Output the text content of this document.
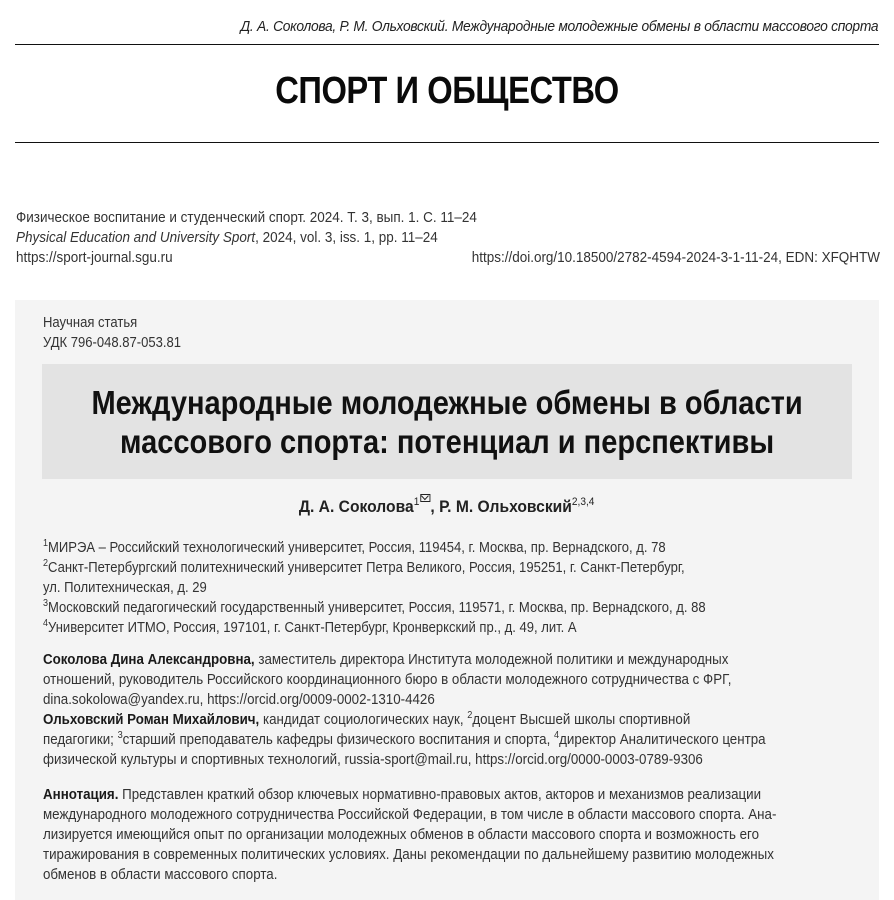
Д. А. Соколова, Р. М. Ольховский. Международные молодежные обмены в области массового спорта
СПОРТ И ОБЩЕСТВО
Физическое воспитание и студенческий спорт. 2024. Т. 3, вып. 1. С. 11–24
Physical Education and University Sport, 2024, vol. 3, iss. 1, pp. 11–24
https://sport-journal.sgu.ru	https://doi.org/10.18500/2782-4594-2024-3-1-11-24, EDN: XFQHTW
Научная статья
УДК 796-048.87-053.81
Международные молодежные обмены в области
массового спорта: потенциал и перспективы
Д. А. Соколова$^1$ , Р. М. Ольховский$^{2,3,4}$
$^1$МИРЭА – Российский технологический университет, Россия, 119454, г. Москва, пр. Вернадского, д. 78
$^2$Санкт-Петербургский политехнический университет Петра Великого, Россия, 195251, г. Санкт-Петербург,
ул. Политехническая, д. 29
$^3$Московский педагогический государственный университет, Россия, 119571, г. Москва, пр. Вернадского, д. 88
$^4$Университет ИТМО, Россия, 197101, г. Санкт-Петербург, Кронверкский пр., д. 49, лит. А
Соколова Дина Александровна, заместитель директора Института молодежной политики и международных
отношений, руководитель Российского координационного бюро в области молодежного сотрудничества с ФРГ,
dina.sokolowa@yandex.ru, https://orcid.org/0009-0002-1310-4426
Ольховский Роман Михайлович, кандидат социологических наук, $^2$доцент Высшей школы спортивной
педагогики; $^3$старший преподаватель кафедры физического воспитания и спорта, $^4$директор Аналитического центра
физической культуры и спортивных технологий, russia-sport@mail.ru, https://orcid.org/0000-0003-0789-9306
Аннотация. Представлен краткий обзор ключевых нормативно-правовых актов, акторов и механизмов реализации
международного молодежного сотрудничества Российской Федерации, в том числе в области массового спорта. Ана-
лизируется имеющийся опыт по организации молодежных обменов в области массового спорта и возможность его
тиражирования в современных политических условиях. Даны рекомендации по дальнейшему развитию молодежных
обменов в области массового спорта.
